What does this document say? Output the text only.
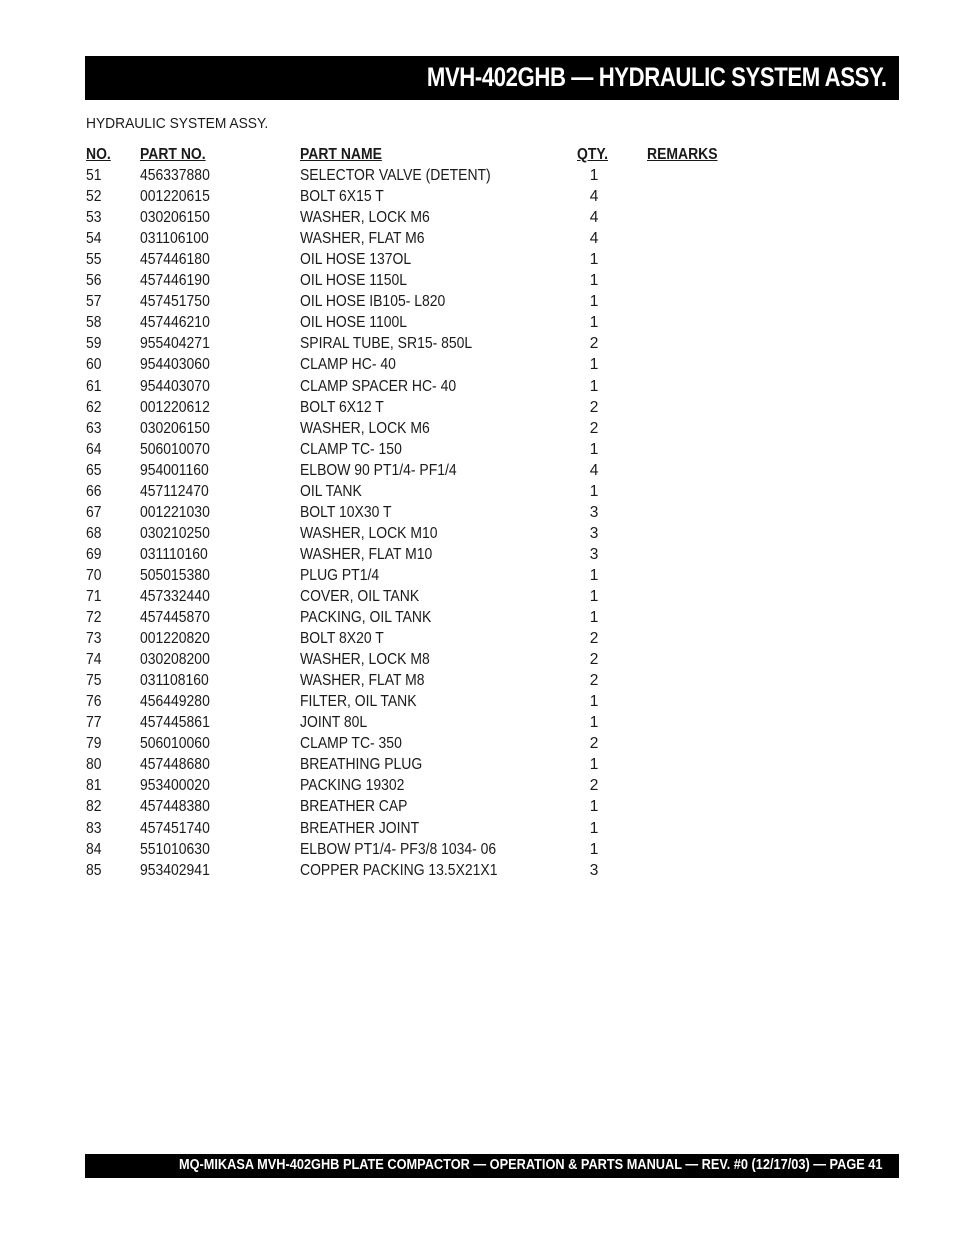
MVH-402GHB — HYDRAULIC SYSTEM ASSY.
HYDRAULIC SYSTEM ASSY.
NO. PART NO.	PART NAME	QTY.	REMARKS
51 456337880	SELECTOR VALVE (DETENT)	1
52 001220615	BOLT 6X15 T	4
53 030206150	WASHER, LOCK M6	4
54 031106100	WASHER, FLAT M6	4
55 457446180	OIL HOSE 137OL	1
56 457446190	OIL HOSE 1150L	1
57 457451750	OIL HOSE IB105- L820	1
58 457446210	OIL HOSE 1100L	1
59 955404271	SPIRAL TUBE, SR15- 850L	2
60 954403060	CLAMP HC- 40	1
61 954403070	CLAMP SPACER HC- 40	1
62 001220612	BOLT 6X12 T	2
63 030206150	WASHER, LOCK M6	2
64 506010070	CLAMP TC- 150	1
65 954001160	ELBOW 90 PT1/4- PF1/4	4
66 457112470	OIL TANK	1
67 001221030	BOLT 10X30 T	3
68 030210250	WASHER, LOCK M10	3
69 031110160	WASHER, FLAT M10	3
70 505015380	PLUG PT1/4	1
71 457332440	COVER, OIL TANK	1
72 457445870	PACKING, OIL TANK	1
73 001220820	BOLT 8X20 T	2
74 030208200	WASHER, LOCK M8	2
75 031108160	WASHER, FLAT M8	2
76 456449280	FILTER, OIL TANK	1
77 457445861	JOINT 80L	1
79 506010060	CLAMP TC- 350	2
80 457448680	BREATHING PLUG	1
81 953400020	PACKING 19302	2
82 457448380	BREATHER CAP	1
83 457451740	BREATHER JOINT	1
84 551010630	ELBOW PT1/4- PF3/8 1034- 06	1
85 953402941	COPPER PACKING 13.5X21X1	3
MQ-MIKASA MVH-402GHB PLATE COMPACTOR — OPERATION & PARTS MANUAL — REV. #0 (12/17/03) — PAGE 41
